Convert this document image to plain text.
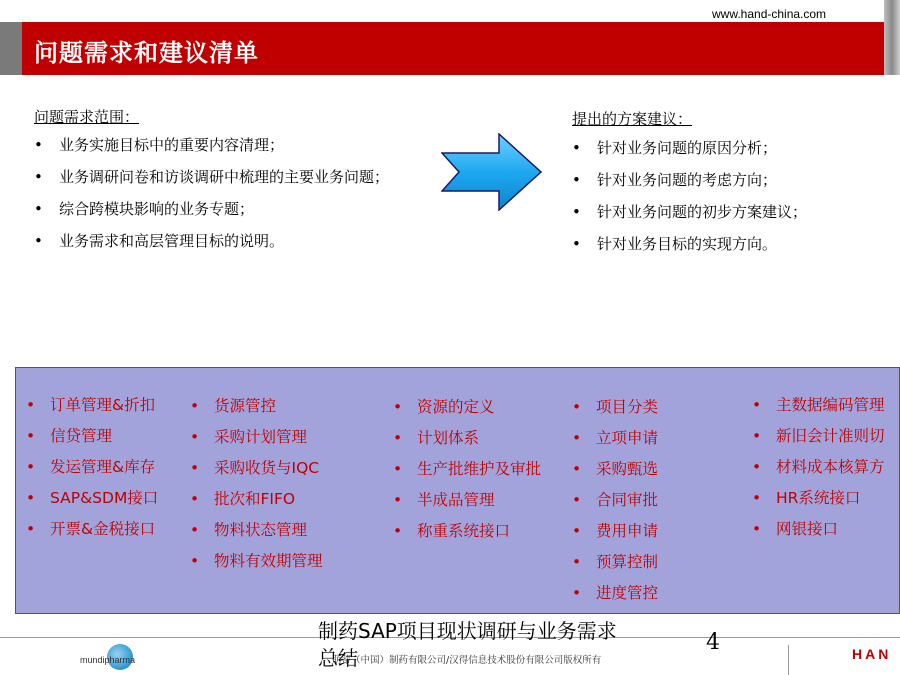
www.hand-china.com
问题需求和建议清单
问题需求范围：
• 业务实施目标中的重要内容清理；
• 业务调研问卷和访谈调研中梳理的主要业务问题；
• 综合跨模块影响的业务专题；
• 业务需求和高层管理目标的说明。
提出的方案建议：
• 针对业务问题的原因分析；
• 针对业务问题的考虑方向；
• 针对业务问题的初步方案建议；
• 针对业务目标的实现方向。
• 订单管理&折扣
• 信贷管理
• 发运管理&库存
• SAP&SDM接口
• 开票&金税接口
• 货源管控
• 采购计划管理
• 采购收货与IQC
• 批次和FIFO
• 物料状态管理
• 物料有效期管理
• 资源的定义
• 计划体系
• 生产批维护及审批
• 半成品管理
• 称重系统接口
• 项目分类
• 立项申请
• 采购甄选
• 合同审批
• 费用申请
• 预算控制
• 进度管控
• 主数据编码管理
• 新旧会计准则切
• 材料成本核算方
• HR系统接口
• 网银接口
mundipharma	萌蒂（中国）制药有限公司/汉得信息技术股份有限公司版权所有
制药SAP项目现状调研与业务需求总结
4	HAN
